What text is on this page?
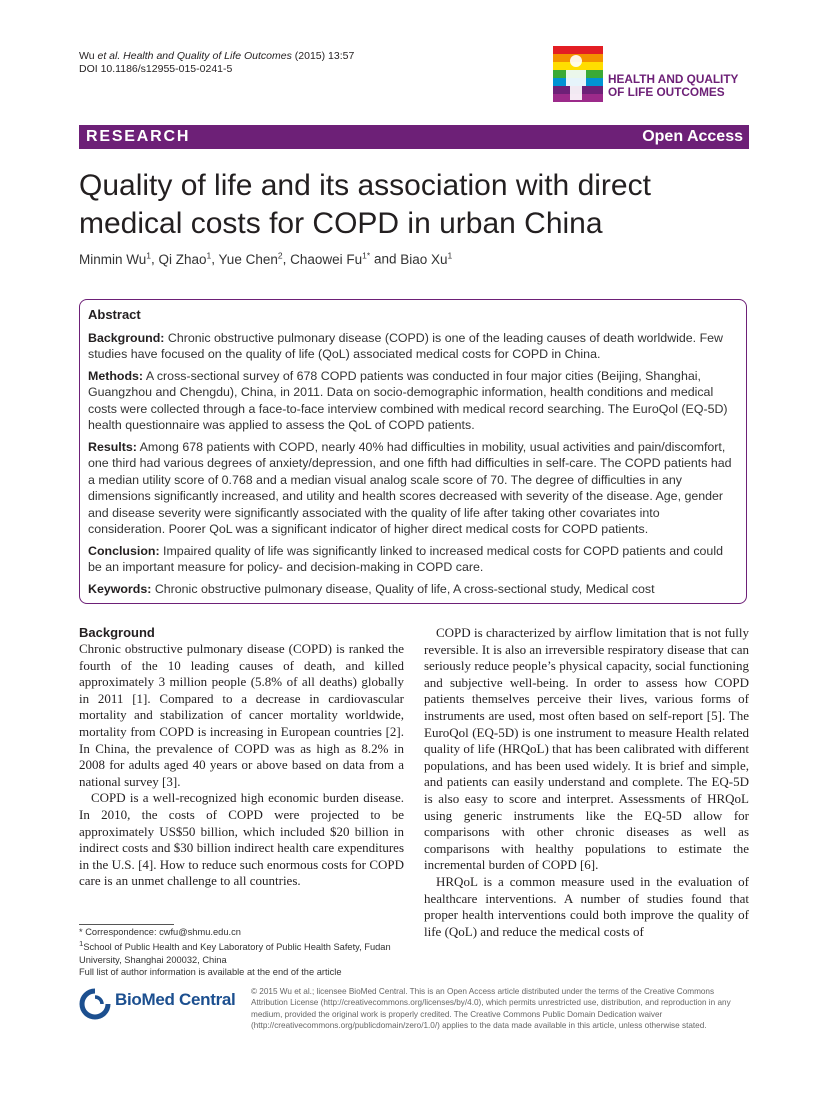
Wu et al. Health and Quality of Life Outcomes (2015) 13:57
DOI 10.1186/s12955-015-0241-5
HEALTH AND QUALITY
OF LIFE OUTCOMES
RESEARCH	Open Access
Quality of life and its association with direct medical costs for COPD in urban China
Minmin Wu$^1$, Qi Zhao$^1$, Yue Chen$^2$, Chaowei $Fu^{1*}$ and Biao Xu$^1$
Abstract

Background: Chronic obstructive pulmonary disease (COPD) is one of the leading causes of death worldwide. Few studies have focused on the quality of life (QoL) associated medical costs for COPD in China.

Methods: A cross-sectional survey of 678 COPD patients was conducted in four major cities (Beijing, Shanghai, Guangzhou and Chengdu), China, in 2011. Data on socio-demographic information, health conditions and medical costs were collected through a face-to-face interview combined with medical record searching. The EuroQol (EQ-5D) health questionnaire was applied to assess the QoL of COPD patients.

Results: Among 678 patients with COPD, nearly 40% had difficulties in mobility, usual activities and pain/discomfort, one third had various degrees of anxiety/depression, and one fifth had difficulties in self-care. The COPD patients had a median utility score of 0.768 and a median visual analog scale score of 70. The degree of difficulties in any dimensions significantly increased, and utility and health scores decreased with severity of the disease. Age, gender and disease severity were significantly associated with the quality of life after taking other covariates into consideration. Poorer QoL was a significant indicator of higher direct medical costs for COPD patients.

Conclusion: Impaired quality of life was significantly linked to increased medical costs for COPD patients and could be an important measure for policy- and decision-making in COPD care.

Keywords: Chronic obstructive pulmonary disease, Quality of life, A cross-sectional study, Medical cost

Background

Chronic obstructive pulmonary disease (COPD) is ranked the fourth of the 10 leading causes of death, and killed approximately 3 million people (5.8% of all deaths) globally in 2011 [1]. Compared to a decrease in cardiovascular mortality and stabilization of cancer mortality worldwide, mortality from COPD is increasing in European countries [2]. In China, the prevalence of COPD was as high as 8.2% in 2008 for adults aged 40 years or above based on data from a national survey [3].

COPD is a well-recognized high economic burden disease. In 2010, the costs of COPD were projected to be approximately US$50 billion, which included $20 billion in indirect costs and $30 billion indirect health care expenditures in the U.S. [4]. How to reduce such enormous costs for COPD care is an unmet challenge to all countries.

COPD is characterized by airflow limitation that is not fully reversible. It is also an irreversible respiratory disease that can seriously reduce people’s physical capacity, social functioning and subjective well-being. In order to assess how COPD patients themselves perceive their lives, various forms of instruments are used, most often based on self-report [5]. The EuroQol (EQ-5D) is one instrument to measure Health related quality of life (HRQoL) that has been calibrated with different populations, and has been used widely. It is brief and simple, and patients can easily understand and complete. The EQ-5D is also easy to score and interpret. Assessments of HRQoL using generic instruments like the EQ-5D allow for comparisons with other chronic diseases as well as comparisons with healthy populations to estimate the incremental burden of COPD [6].

HRQoL is a common measure used in the evaluation of healthcare interventions. A number of studies found that proper health interventions could both improve the quality of life (QoL) and reduce the medical costs of

* Correspondence: cwfu@shmu.edu.cn

$^1$School of Public Health and Key Laboratory of Public Health Safety, Fudan University, Shanghai 200032, China

Full list of author information is available at the end of the article

BioMed Central © 2015 Wu et al.; licensee BioMed Central. This is an Open Access article distributed under the terms of the Creative Commons Attribution License (http://creativecommons.org/licenses/by/4.0), which permits unrestricted use, distribution, and reproduction in any medium, provided the original work is properly credited. The Creative Commons Public Domain Dedication waiver (http://creativecommons.org/publicdomain/zero/1.0/) applies to the data made available in this article, unless otherwise stated.
